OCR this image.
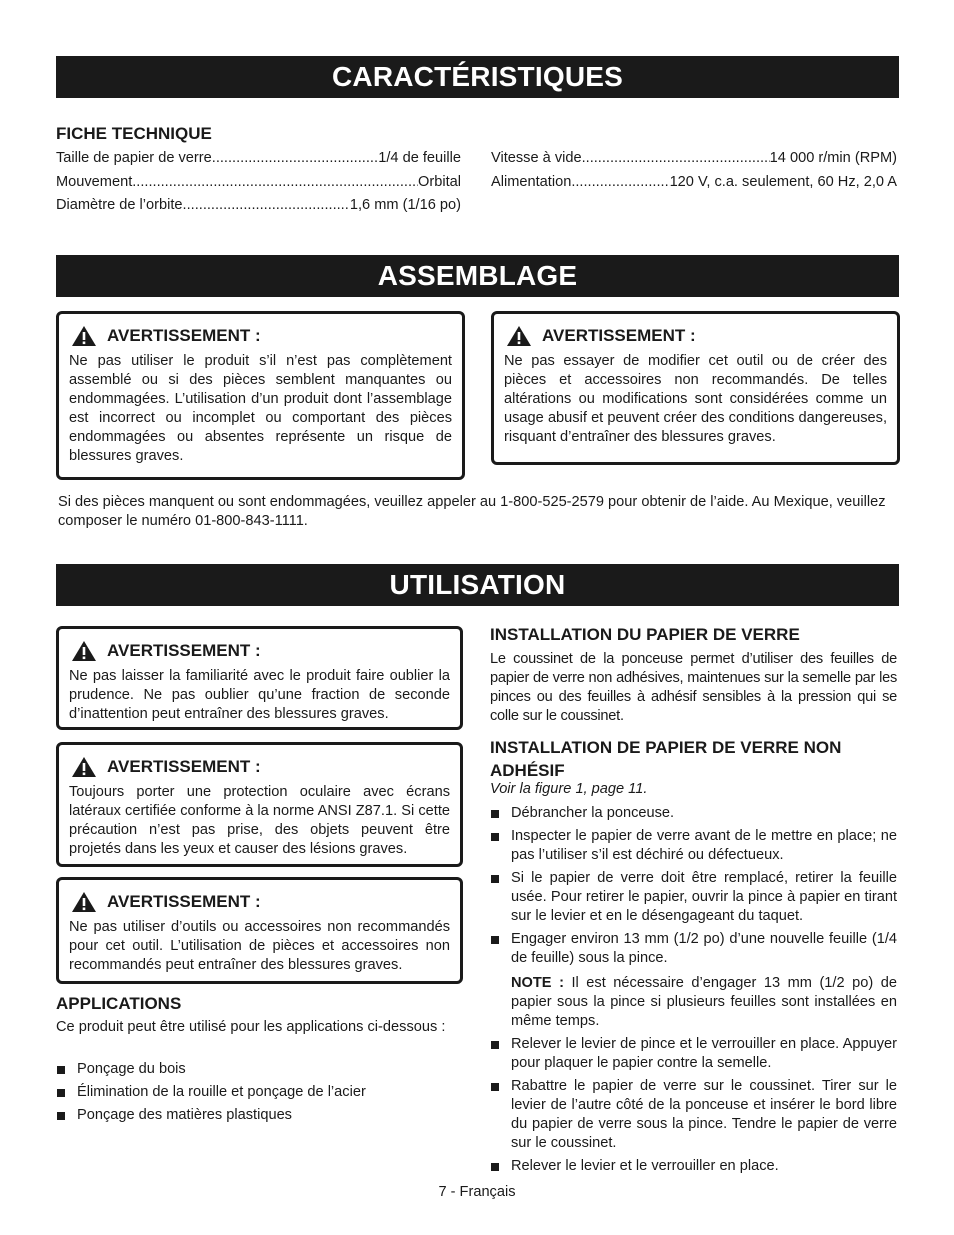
CARACTÉRISTIQUES
FICHE TECHNIQUE
Taille de papier de verre .....	1/4 de feuille
Mouvement .....	Orbital
Diamètre de l’orbite .....	1,6 mm (1/16 po)
Vitesse à vide .....	14 000 r/min (RPM)
Alimentation .....	120 V, c.a. seulement, 60 Hz, 2,0 A
ASSEMBLAGE
AVERTISSEMENT :
Ne pas utiliser le produit s’il n’est pas complètement assemblé ou si des pièces semblent manquantes ou endommagées. L’utilisation d’un produit dont l’assemblage est incorrect ou incomplet ou comportant des pièces endommagées ou absentes représente un risque de blessures graves.
AVERTISSEMENT :
Ne pas essayer de modifier cet outil ou de créer des pièces et accessoires non recommandés. De telles altérations ou modifications sont considérées comme un usage abusif et peuvent créer des conditions dangereuses, risquant d’entraîner des blessures graves.
Si des pièces manquent ou sont endommagées, veuillez appeler au 1-800-525-2579 pour obtenir de l’aide. Au Mexique, veuillez composer le numéro 01-800-843-1111.
UTILISATION
AVERTISSEMENT :
Ne pas laisser la familiarité avec le produit faire oublier la prudence. Ne pas oublier qu’une fraction de seconde d’inattention peut entraîner des blessures graves.
AVERTISSEMENT :
Toujours porter une protection oculaire avec écrans latéraux certifiée conforme à la norme ANSI Z87.1. Si cette précaution n’est pas prise, des objets peuvent être projetés dans les yeux et causer des lésions graves.
AVERTISSEMENT :
Ne pas utiliser d’outils ou accessoires non recommandés pour cet outil. L’utilisation de pièces et accessoires non recommandés peut entraîner des blessures graves.
APPLICATIONS
Ce produit peut être utilisé pour les applications ci-dessous :
Ponçage du bois
Élimination de la rouille et ponçage de l’acier
Ponçage des matières plastiques
INSTALLATION DU PAPIER DE VERRE
Le coussinet de la ponceuse permet d’utiliser des feuilles de papier de verre non adhésives, maintenues sur la semelle par les pinces ou des feuilles à adhésif sensibles à la pression qui se colle sur le coussinet.
INSTALLATION DE PAPIER DE VERRE NON ADHÉSIF
Voir la figure 1, page 11.
Débrancher la ponceuse.
Inspecter le papier de verre avant de le mettre en place; ne pas l’utiliser s’il est déchiré ou défectueux.
Si le papier de verre doit être remplacé, retirer la feuille usée. Pour retirer le papier, ouvrir la pince à papier en tirant sur le levier et en le désengageant du taquet.
Engager environ 13 mm (1/2 po) d’une nouvelle feuille (1/4 de feuille) sous la pince.
NOTE : Il est nécessaire d’engager 13 mm (1/2 po) de papier sous la pince si plusieurs feuilles sont installées en même temps.
Relever le levier de pince et le verrouiller en place. Appuyer pour plaquer le papier contre la semelle.
Rabattre le papier de verre sur le coussinet. Tirer sur le levier de l’autre côté de la ponceuse et insérer le bord libre du papier de verre sous la pince. Tendre le papier de verre sur le coussinet.
Relever le levier et le verrouiller en place.
7 - Français
